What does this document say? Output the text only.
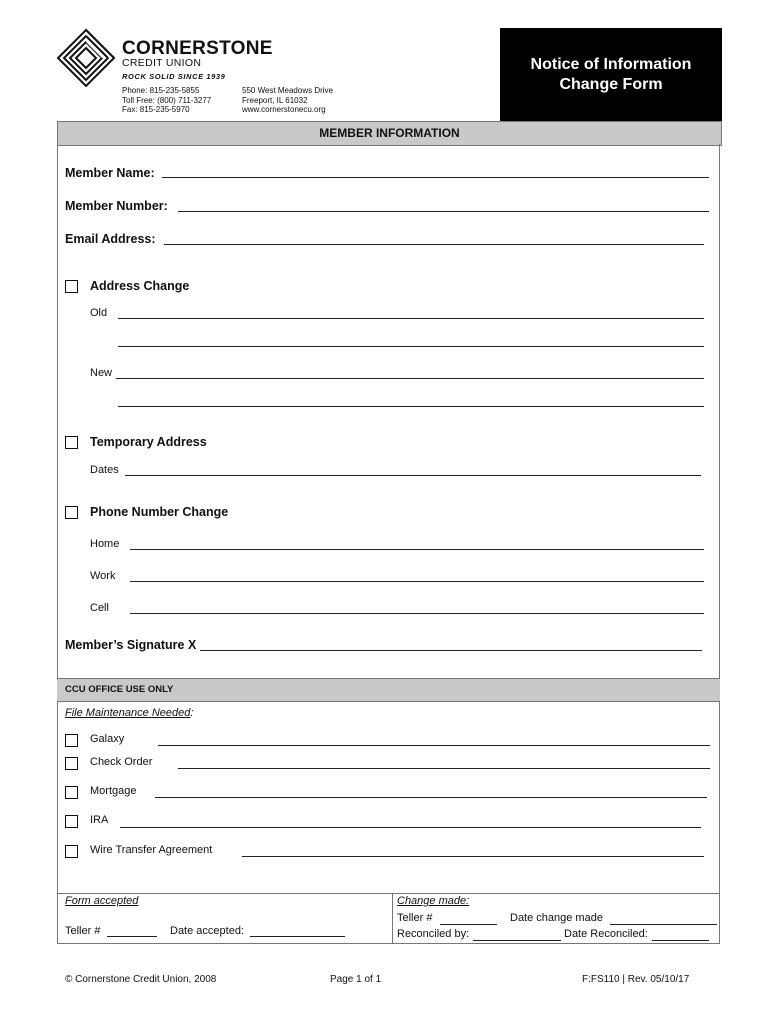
CORNERSTONE
CREDIT UNION
ROCK SOLID SINCE 1939
Phone: 815-235-5855
Toll Free: (800) 711-3277
Fax: 815-235-5970
550 West Meadows Drive
Freeport, IL 61032
www.cornerstonecu.org
Notice of Information
Change Form
MEMBER INFORMATION
Member Name:
Member Number:
Email Address:
Address Change
Old
New
Temporary Address
Dates
Phone Number Change
Home
Work
Cell
Member’s Signature X
CCU OFFICE USE ONLY
File Maintenance Needed:
Galaxy
Check Order
Mortgage
IRA
Wire Transfer Agreement
Form accepted
Teller #	Date accepted:
Change made:
Teller #	Date change made
Reconciled by:	Date Reconciled:
© Cornerstone Credit Union, 2008	Page 1 of 1	F:FS110 | Rev. 05/10/17
